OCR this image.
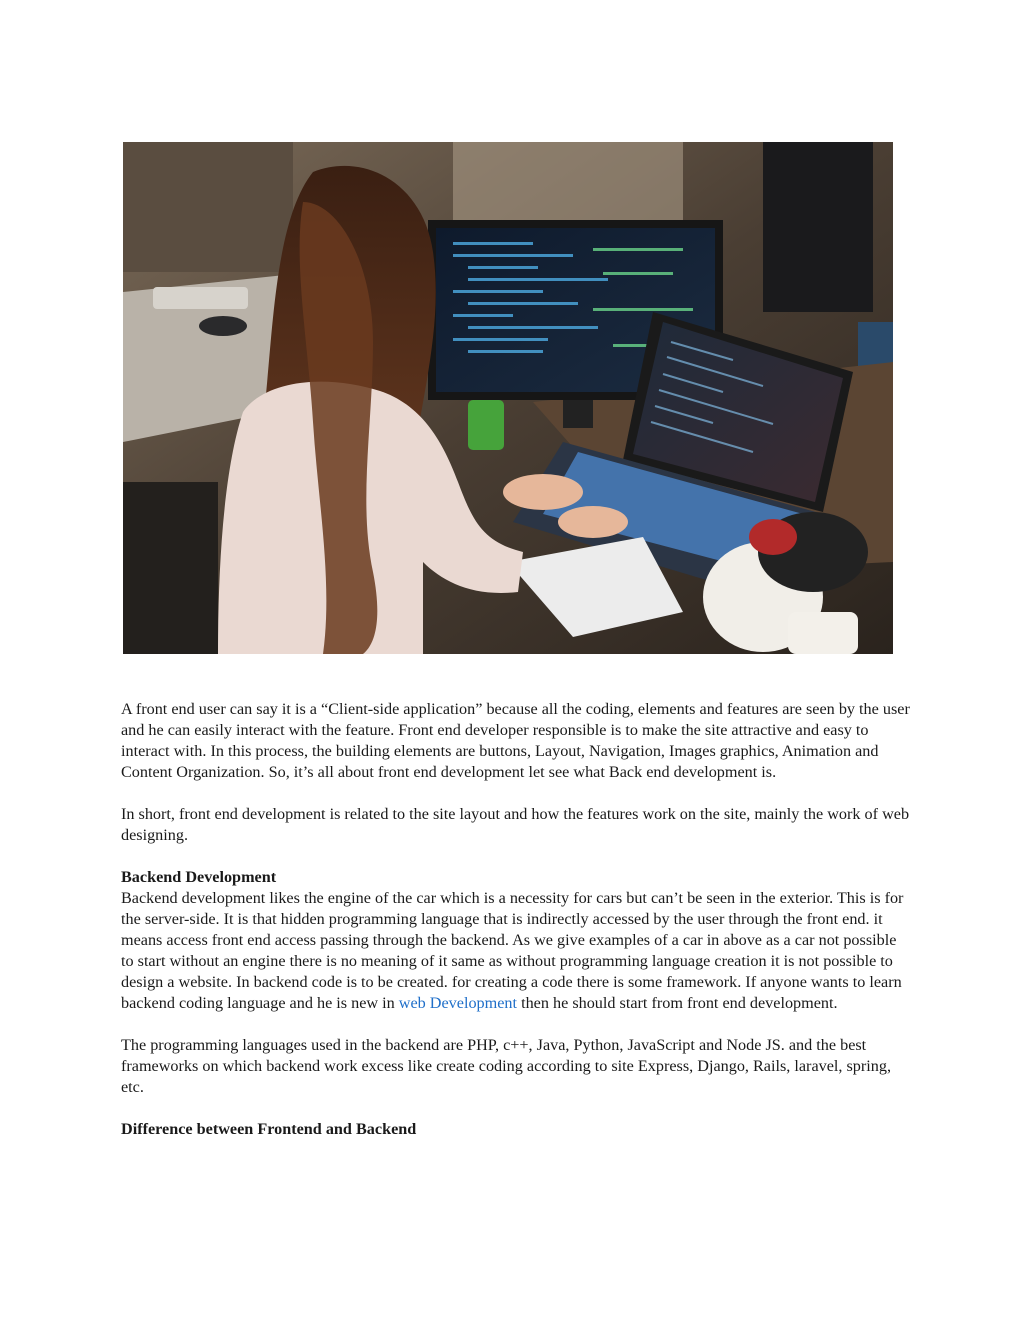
A front end user can say it is a “Client-side application” because all the coding, elements and features are seen by the user and he can easily interact with the feature. Front end developer responsible is to make the site attractive and easy to interact with. In this process, the building elements are buttons, Layout, Navigation, Images graphics, Animation and Content Organization. So, it’s all about front end development let see what Back end development is.

In short, front end development is related to the site layout and how the features work on the site, mainly the work of web designing.

Backend Development

Backend development likes the engine of the car which is a necessity for cars but can’t be seen in the exterior. This is for the server-side. It is that hidden programming language that is indirectly accessed by the user through the front end. it means access front end access passing through the backend. As we give examples of a car in above as a car not possible to start without an engine there is no meaning of it same as without programming language creation it is not possible to design a website. In backend code is to be created. for creating a code there is some framework. If anyone wants to learn backend coding language and he is new in web Development then he should start from front end development.

The programming languages used in the backend are PHP, c++, Java, Python, JavaScript and Node JS. and the best frameworks on which backend work excess like create coding according to site Express, Django, Rails, laravel, spring, etc.

Difference between Frontend and Backend
